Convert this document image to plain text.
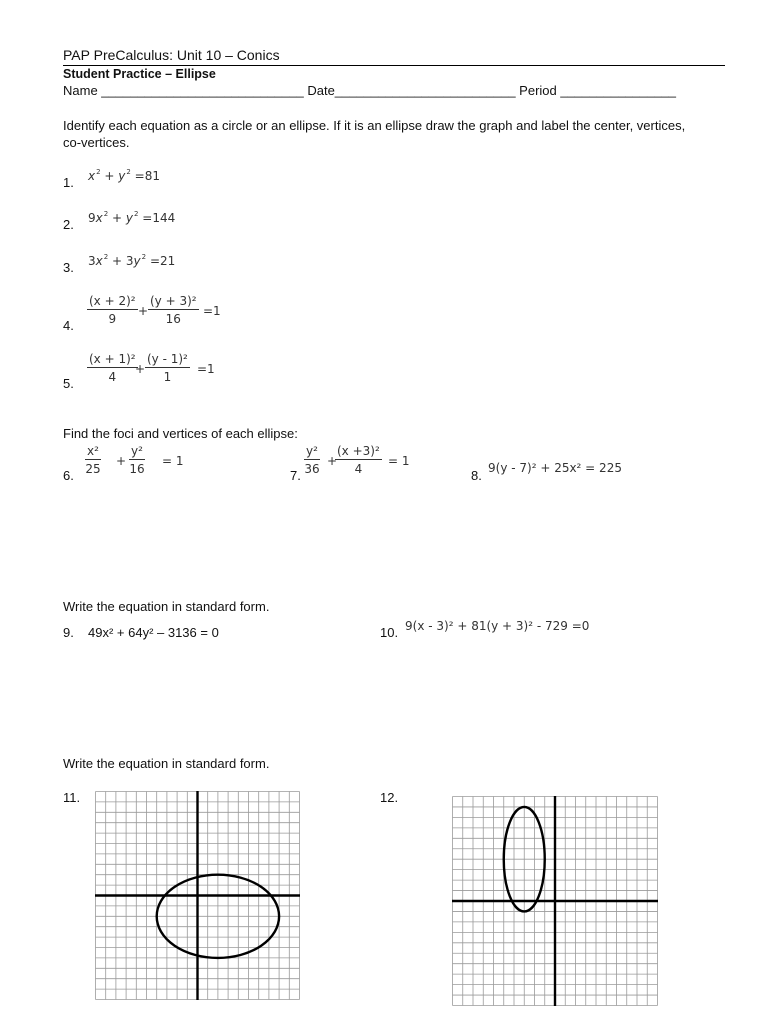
PAP PreCalculus: Unit 10 – Conics
Student Practice – Ellipse
Name ____________________________ Date_________________________ Period ________________
Identify each equation as a circle or an ellipse. If it is an ellipse draw the graph and label the center, vertices, co-vertices.
1. $x^2 + y^2 =81$
2. $9x^2 + y^2 =144$
3. $3x^2 + 3y^2 =21$
4. $\frac{\text{(x + 2)²}}{9} + \frac{\text{(y + 3)²}}{16} =1$
5. $\frac{\text{(x + 1)²}}{4}$
+ $\frac{\text{(y - 1)²}}{1} =1$
Find the foci and vertices of each ellipse:
6. $\frac{\text{x²}}{25} + \frac{\text{y²}}{16} = 1$
7. $\frac{\text{y²}}{36}$ +
$\frac{\text{(x +3)²}}{4} = 1$
8. 9(y - 7)² + 25x² = 225
Write the equation in standard form.
9. 49x² + 64y² – 3136 = 0	10. 9(x - 3)² + 81(y + 3)² - 729 =0
Write the equation in standard form.
11.	12.
